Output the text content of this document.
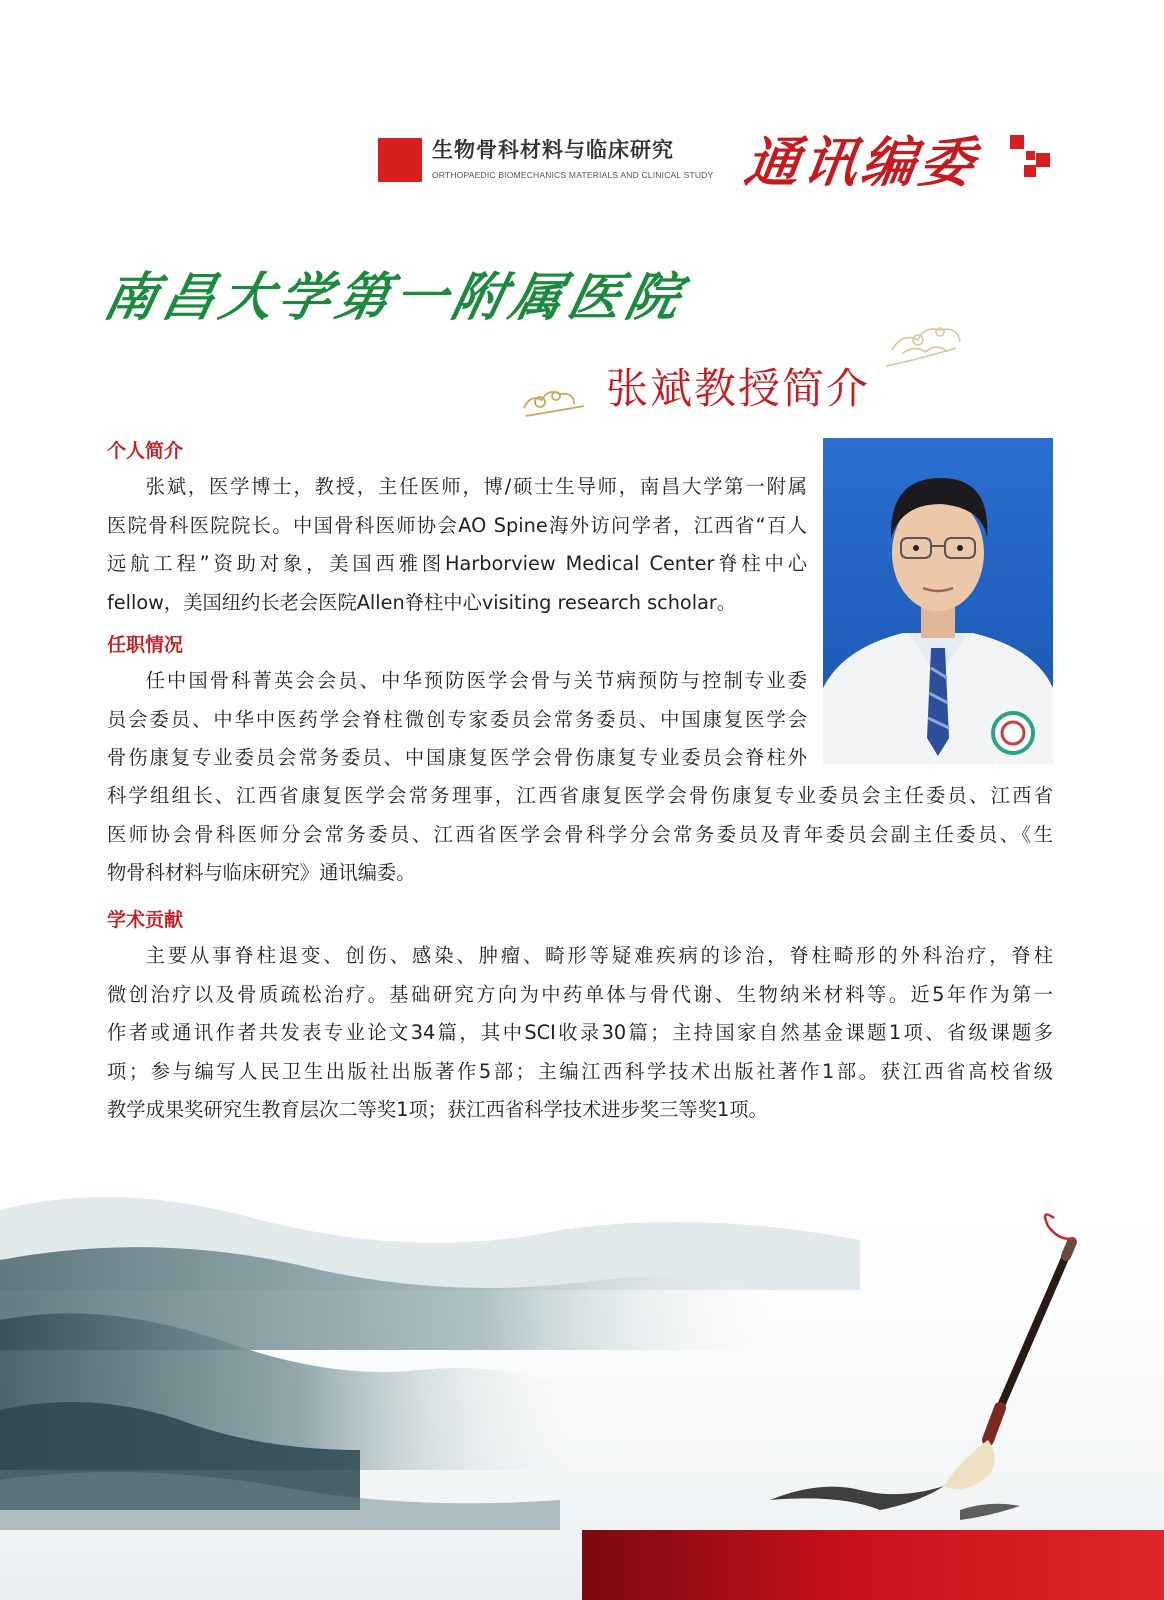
生物骨科材料与临床研究
ORTHOPAEDIC BIOMECHANICS MATERIALS AND CLINICAL STUDY 通讯编委
南昌大学第一附属医院
张斌教授简介
个人简介
张斌，医学博士，教授，主任医师，博/硕士生导师，南昌大学第一附属
医院骨科医院院长。中国骨科医师协会AO Spine海外访问学者，江西省“百人
远航工程”资助对象，美国西雅图Harborview Medical Center脊柱中心
fellow，美国纽约长老会医院Allen脊柱中心visiting research scholar。
任职情况
任中国骨科菁英会会员、中华预防医学会骨与关节病预防与控制专业委
员会委员、中华中医药学会脊柱微创专家委员会常务委员、中国康复医学会
骨伤康复专业委员会常务委员、中国康复医学会骨伤康复专业委员会脊柱外
科学组组长、江西省康复医学会常务理事，江西省康复医学会骨伤康复专业委员会主任委员、江西省
医师协会骨科医师分会常务委员、江西省医学会骨科学分会常务委员及青年委员会副主任委员、《生
物骨科材料与临床研究》通讯编委。
学术贡献
主要从事脊柱退变、创伤、感染、肿瘤、畸形等疑难疾病的诊治，脊柱畸形的外科治疗，脊柱
微创治疗以及骨质疏松治疗。基础研究方向为中药单体与骨代谢、生物纳米材料等。近5年作为第一
作者或通讯作者共发表专业论文34篇，其中SCI收录30篇；主持国家自然基金课题1项、省级课题多
项；参与编写人民卫生出版社出版著作5部；主编江西科学技术出版社著作1部。获江西省高校省级
教学成果奖研究生教育层次二等奖1项；获江西省科学技术进步奖三等奖1项。
